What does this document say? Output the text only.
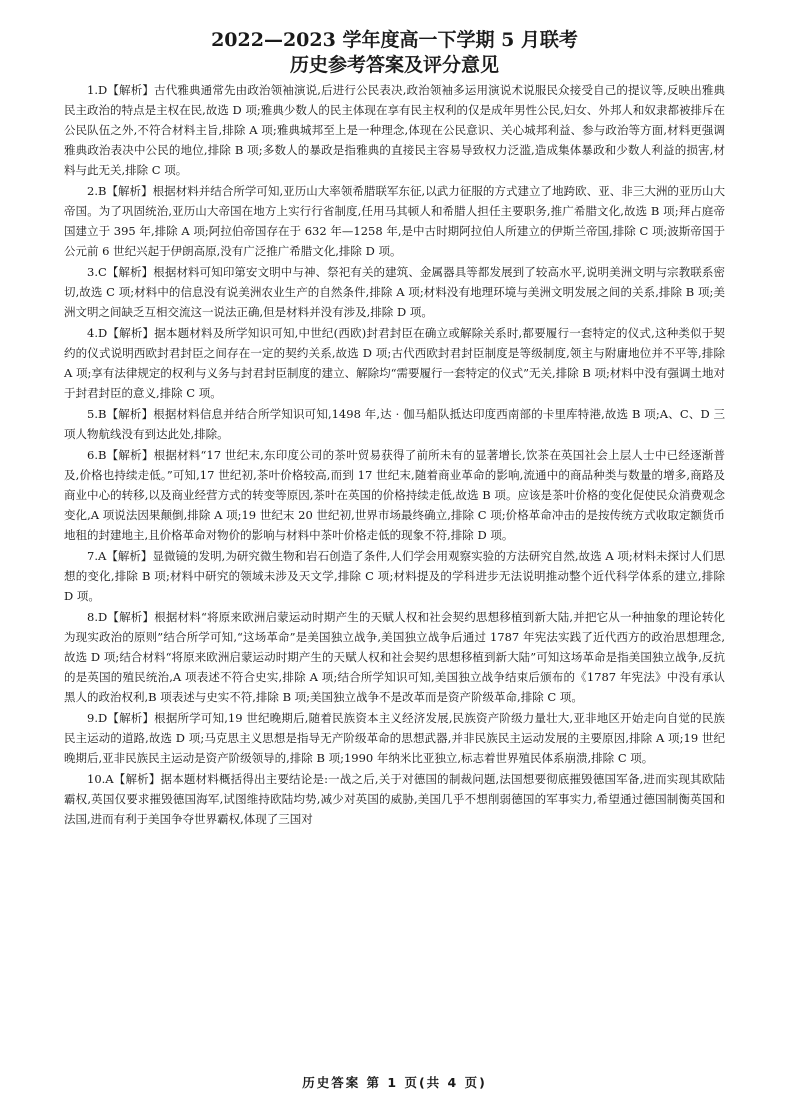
2022—2023 学年度高一下学期 5 月联考
历史参考答案及评分意见

1.D【解析】古代雅典通常先由政治领袖演说,后进行公民表决,政治领袖多运用演说术说服民众接受自己的提议等,反映出雅典民主政治的特点是主权在民,故选 D 项;雅典少数人的民主体现在享有民主权利的仅是成年男性公民,妇女、外邦人和奴隶都被排斥在公民队伍之外,不符合材料主旨,排除 A 项;雅典城邦至上是一种理念,体现在公民意识、关心城邦利益、参与政治等方面,材料更强调雅典政治表决中公民的地位,排除 B 项;多数人的暴政是指雅典的直接民主容易导致权力泛滥,造成集体暴政和少数人利益的损害,材料与此无关,排除 C 项。

2.B【解析】根据材料并结合所学可知,亚历山大率领希腊联军东征,以武力征服的方式建立了地跨欧、亚、非三大洲的亚历山大帝国。为了巩固统治,亚历山大帝国在地方上实行行省制度,任用马其顿人和希腊人担任主要职务,推广希腊文化,故选 B 项;拜占庭帝国建立于 395 年,排除 A 项;阿拉伯帝国存在于 632 年—1258 年,是中古时期阿拉伯人所建立的伊斯兰帝国,排除 C 项;波斯帝国于公元前 6 世纪兴起于伊朗高原,没有广泛推广希腊文化,排除 D 项。

3.C【解析】根据材料可知印第安文明中与神、祭祀有关的建筑、金属器具等都发展到了较高水平,说明美洲文明与宗教联系密切,故选 C 项;材料中的信息没有说美洲农业生产的自然条件,排除 A 项;材料没有地理环境与美洲文明发展之间的关系,排除 B 项;美洲文明之间缺乏互相交流这一说法正确,但是材料并没有涉及,排除 D 项。

4.D【解析】据本题材料及所学知识可知,中世纪(西欧)封君封臣在确立或解除关系时,都要履行一套特定的仪式,这种类似于契约的仪式说明西欧封君封臣之间存在一定的契约关系,故选 D 项;古代西欧封君封臣制度是等级制度,领主与附庸地位并不平等,排除 A 项;享有法律规定的权利与义务与封君封臣制度的建立、解除均“需要履行一套特定的仪式”无关,排除 B 项;材料中没有强调土地对于封君封臣的意义,排除 C 项。

5.B【解析】根据材料信息并结合所学知识可知,1498 年,达 · 伽马船队抵达印度西南部的卡里库特港,故选 B 项;A、C、D 三项人物航线没有到达此处,排除。

6.B【解析】根据材料“17 世纪末,东印度公司的茶叶贸易获得了前所未有的显著增长,饮茶在英国社会上层人士中已经逐渐普及,价格也持续走低。”可知,17 世纪初,茶叶价格较高,而到 17 世纪末,随着商业革命的影响,流通中的商品种类与数量的增多,商路及商业中心的转移,以及商业经营方式的转变等原因,茶叶在英国的价格持续走低,故选 B 项。应该是茶叶价格的变化促使民众消费观念变化,A 项说法因果颠倒,排除 A 项;19 世纪末 20 世纪初,世界市场最终确立,排除 C 项;价格革命冲击的是按传统方式收取定额货币地租的封建地主,且价格革命对物价的影响与材料中茶叶价格走低的现象不符,排除 D 项。

7.A【解析】显微镜的发明,为研究微生物和岩石创造了条件,人们学会用观察实验的方法研究自然,故选 A 项;材料未探讨人们思想的变化,排除 B 项;材料中研究的领域未涉及天文学,排除 C 项;材料提及的学科进步无法说明推动整个近代科学体系的建立,排除 D 项。

8.D【解析】根据材料“将原来欧洲启蒙运动时期产生的天赋人权和社会契约思想移植到新大陆,并把它从一种抽象的理论转化为现实政治的原则”结合所学可知,“这场革命”是美国独立战争,美国独立战争后通过 1787 年宪法实践了近代西方的政治思想理念,故选 D 项;结合材料“将原来欧洲启蒙运动时期产生的天赋人权和社会契约思想移植到新大陆”可知这场革命是指美国独立战争,反抗的是英国的殖民统治,A 项表述不符合史实,排除 A 项;结合所学知识可知,美国独立战争结束后颁布的《1787 年宪法》中没有承认黑人的政治权利,B 项表述与史实不符,排除 B 项;美国独立战争不是改革而是资产阶级革命,排除 C 项。

9.D【解析】根据所学可知,19 世纪晚期后,随着民族资本主义经济发展,民族资产阶级力量壮大,亚非地区开始走向自觉的民族民主运动的道路,故选 D 项;马克思主义思想是指导无产阶级革命的思想武器,并非民族民主运动发展的主要原因,排除 A 项;19 世纪晚期后,亚非民族民主运动是资产阶级领导的,排除 B 项;1990 年纳米比亚独立,标志着世界殖民体系崩溃,排除 C 项。

10.A【解析】据本题材料概括得出主要结论是:一战之后,关于对德国的制裁问题,法国想要彻底摧毁德国军备,进而实现其欧陆霸权,英国仅要求摧毁德国海军,试图维持欧陆均势,减少对英国的威胁,美国几乎不想削弱德国的军事实力,希望通过德国制衡英国和法国,进而有利于美国争夺世界霸权,体现了三国对

历史答案 第 1 页(共 4 页)
